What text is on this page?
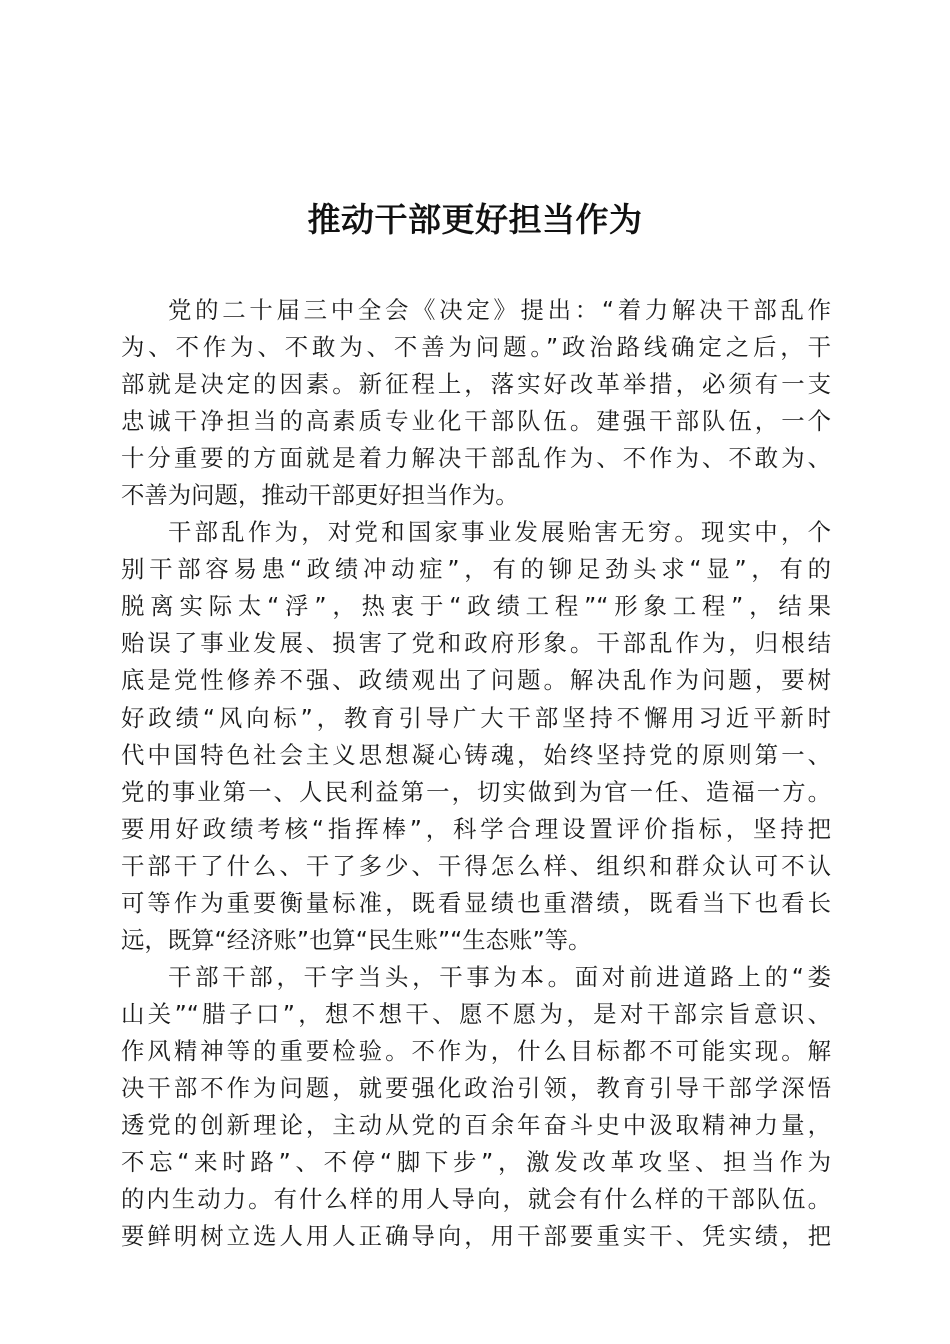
推动干部更好担当作为
党的二十届三中全会《决定》提出：“着力解决干部乱作
为、不作为、不敢为、不善为问题。”政治路线确定之后，干
部就是决定的因素。新征程上，落实好改革举措，必须有一支
忠诚干净担当的高素质专业化干部队伍。建强干部队伍，一个
十分重要的方面就是着力解决干部乱作为、不作为、不敢为、
不善为问题，推动干部更好担当作为。
干部乱作为，对党和国家事业发展贻害无穷。现实中，个
别干部容易患“政绩冲动症”，有的铆足劲头求“显”，有的
脱离实际太“浮”，热衷于“政绩工程”“形象工程”，结果
贻误了事业发展、损害了党和政府形象。干部乱作为，归根结
底是党性修养不强、政绩观出了问题。解决乱作为问题，要树
好政绩“风向标”，教育引导广大干部坚持不懈用习近平新时
代中国特色社会主义思想凝心铸魂，始终坚持党的原则第一、
党的事业第一、人民利益第一，切实做到为官一任、造福一方。
要用好政绩考核“指挥棒”，科学合理设置评价指标，坚持把
干部干了什么、干了多少、干得怎么样、组织和群众认可不认
可等作为重要衡量标准，既看显绩也重潜绩，既看当下也看长
远，既算“经济账”也算“民生账”“生态账”等。
干部干部，干字当头，干事为本。面对前进道路上的“娄
山关”“腊子口”，想不想干、愿不愿为，是对干部宗旨意识、
作风精神等的重要检验。不作为，什么目标都不可能实现。解
决干部不作为问题，就要强化政治引领，教育引导干部学深悟
透党的创新理论，主动从党的百余年奋斗史中汲取精神力量，
不忘“来时路”、不停“脚下步”，激发改革攻坚、担当作为
的内生动力。有什么样的用人导向，就会有什么样的干部队伍。
要鲜明树立选人用人正确导向，用干部要重实干、凭实绩，把
